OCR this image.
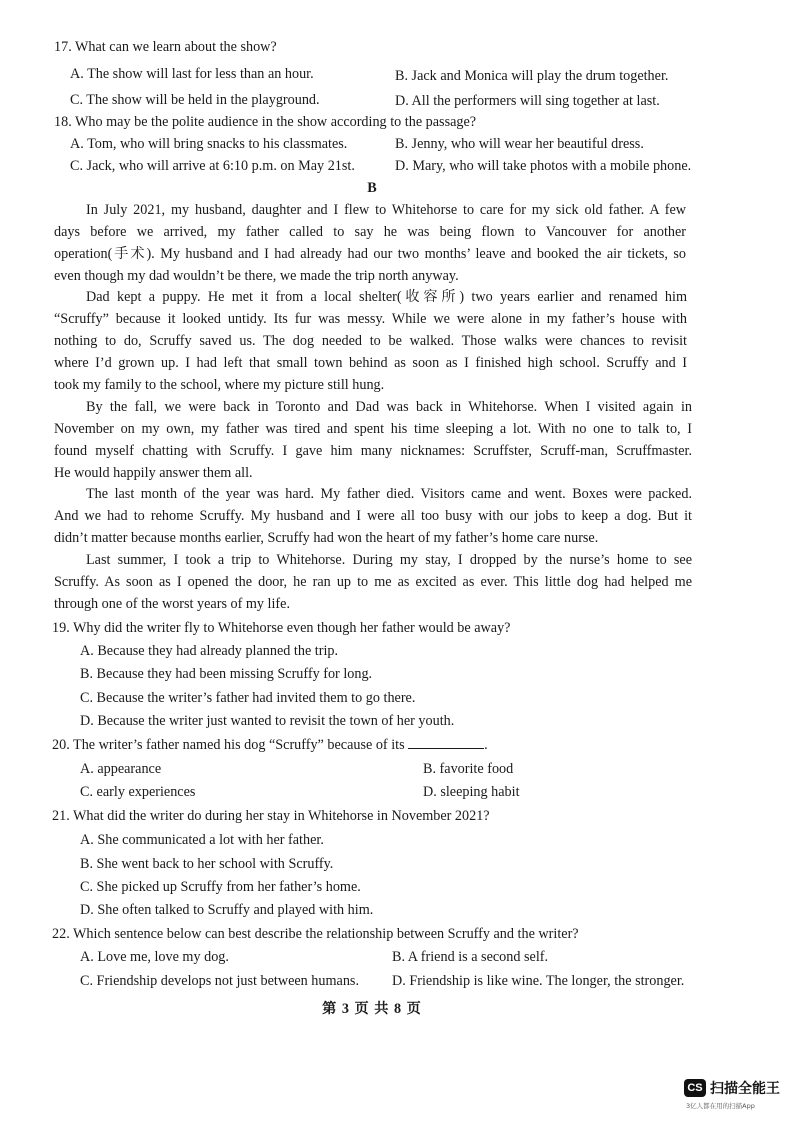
17. What can we learn about the show?
A. The show will last for less than an hour.	B. Jack and Monica will play the drum together.
C. The show will be held in the playground.	D. All the performers will sing together at last.
18. Who may be the polite audience in the show according to the passage?
A. Tom, who will bring snacks to his classmates.	B. Jenny, who will wear her beautiful dress.
C. Jack, who will arrive at 6:10 p.m. on May 21st.	D. Mary, who will take photos with a mobile phone.
B
In July 2021, my husband, daughter and I flew to Whitehorse to care for my sick old father. A few
days before we arrived, my father called to say he was being flown to Vancouver for another
operation(手术). My husband and I had already had our two months’ leave and booked the air tickets, so
even though my dad wouldn’t be there, we made the trip north anyway.
Dad kept a puppy. He met it from a local shelter(收容所) two years earlier and renamed him
“Scruffy” because it looked untidy. Its fur was messy. While we were alone in my father’s house with
nothing to do, Scruffy saved us. The dog needed to be walked. Those walks were chances to revisit
where I’d grown up. I had left that small town behind as soon as I finished high school. Scruffy and I
took my family to the school, where my picture still hung.
By the fall, we were back in Toronto and Dad was back in Whitehorse. When I visited again in
November on my own, my father was tired and spent his time sleeping a lot. With no one to talk to, I
found myself chatting with Scruffy. I gave him many nicknames: Scruffster, Scruff-man, Scruffmaster.
He would happily answer them all.
The last month of the year was hard. My father died. Visitors came and went. Boxes were packed.
And we had to rehome Scruffy. My husband and I were all too busy with our jobs to keep a dog. But it
didn’t matter because months earlier, Scruffy had won the heart of my father’s home care nurse.
Last summer, I took a trip to Whitehorse. During my stay, I dropped by the nurse’s home to see
Scruffy. As soon as I opened the door, he ran up to me as excited as ever. This little dog had helped me
through one of the worst years of my life.
19. Why did the writer fly to Whitehorse even though her father would be away?
A. Because they had already planned the trip.
B. Because they had been missing Scruffy for long.
C. Because the writer’s father had invited them to go there.
D. Because the writer just wanted to revisit the town of her youth.
20. The writer’s father named his dog “Scruffy” because of its	.
A. appearance	B. favorite food
C. early experiences	D. sleeping habit
21. What did the writer do during her stay in Whitehorse in November 2021?
A. She communicated a lot with her father.
B. She went back to her school with Scruffy.
C. She picked up Scruffy from her father’s home.
D. She often talked to Scruffy and played with him.
22. Which sentence below can best describe the relationship between Scruffy and the writer?
A. Love me, love my dog.	B. A friend is a second self.
C. Friendship develops not just between humans. D. Friendship is like wine. The longer, the stronger.
第 3 页 共 8 页
CS 扫描全能王
3亿人都在用的扫描App
